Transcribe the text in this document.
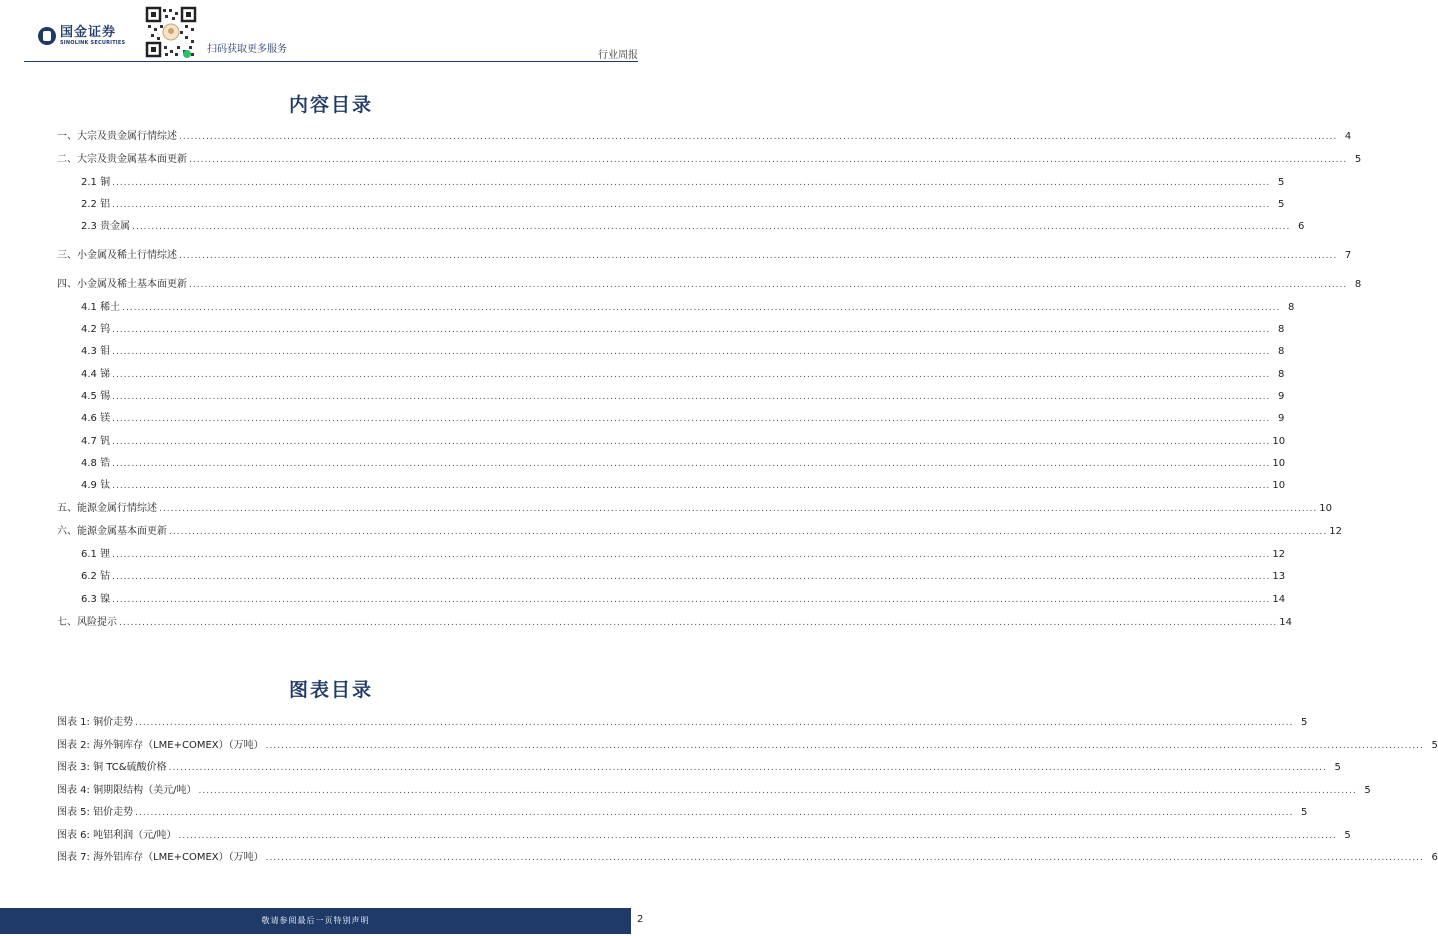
国金证券
SINOLINK SECURITIES
扫码获取更多服务
行业周报
内容目录
一、大宗及贵金属行情综述 ............................................................................................................................................................................................................................................................................................................ 4
二、大宗及贵金属基本面更新 ............................................................................................................................................................................................................................................................................................................ 5
2.1 铜 ............................................................................................................................................................................................................................................................................................................ 5
2.2 铝 ............................................................................................................................................................................................................................................................................................................ 5
2.3 贵金属 ............................................................................................................................................................................................................................................................................................................ 6
三、小金属及稀土行情综述 ............................................................................................................................................................................................................................................................................................................ 7
四、小金属及稀土基本面更新 ............................................................................................................................................................................................................................................................................................................ 8
4.1 稀土 ............................................................................................................................................................................................................................................................................................................ 8
4.2 钨 ............................................................................................................................................................................................................................................................................................................ 8
4.3 钼 ............................................................................................................................................................................................................................................................................................................ 8
4.4 锑 ............................................................................................................................................................................................................................................................................................................ 8
4.5 锡 ............................................................................................................................................................................................................................................................................................................ 9
4.6 镁 ............................................................................................................................................................................................................................................................................................................ 9
4.7 钒 ............................................................................................................................................................................................................................................................................................................ 10
4.8 锆 ............................................................................................................................................................................................................................................................................................................ 10
4.9 钛 ............................................................................................................................................................................................................................................................................................................ 10
五、能源金属行情综述 ............................................................................................................................................................................................................................................................................................................ 10
六、能源金属基本面更新 ............................................................................................................................................................................................................................................................................................................ 12
6.1 锂 ............................................................................................................................................................................................................................................................................................................ 12
6.2 钴 ............................................................................................................................................................................................................................................................................................................ 13
6.3 镍 ............................................................................................................................................................................................................................................................................................................ 14
七、风险提示 ............................................................................................................................................................................................................................................................................................................ 14
图表目录
图表 1: 铜价走势 ............................................................................................................................................................................................................................................................................................................ 5
图表 2: 海外铜库存（LME+COMEX）（万吨） ............................................................................................................................................................................................................................................................................................................ 5
图表 3: 铜 TC&硫酸价格 ............................................................................................................................................................................................................................................................................................................ 5
图表 4: 铜期限结构（美元/吨） ............................................................................................................................................................................................................................................................................................................ 5
图表 5: 铝价走势 ............................................................................................................................................................................................................................................................................................................ 5
图表 6: 吨铝利润（元/吨） ............................................................................................................................................................................................................................................................................................................ 5
图表 7: 海外铝库存（LME+COMEX）（万吨） ............................................................................................................................................................................................................................................................................................................ 6
敬请参阅最后一页特别声明	2
